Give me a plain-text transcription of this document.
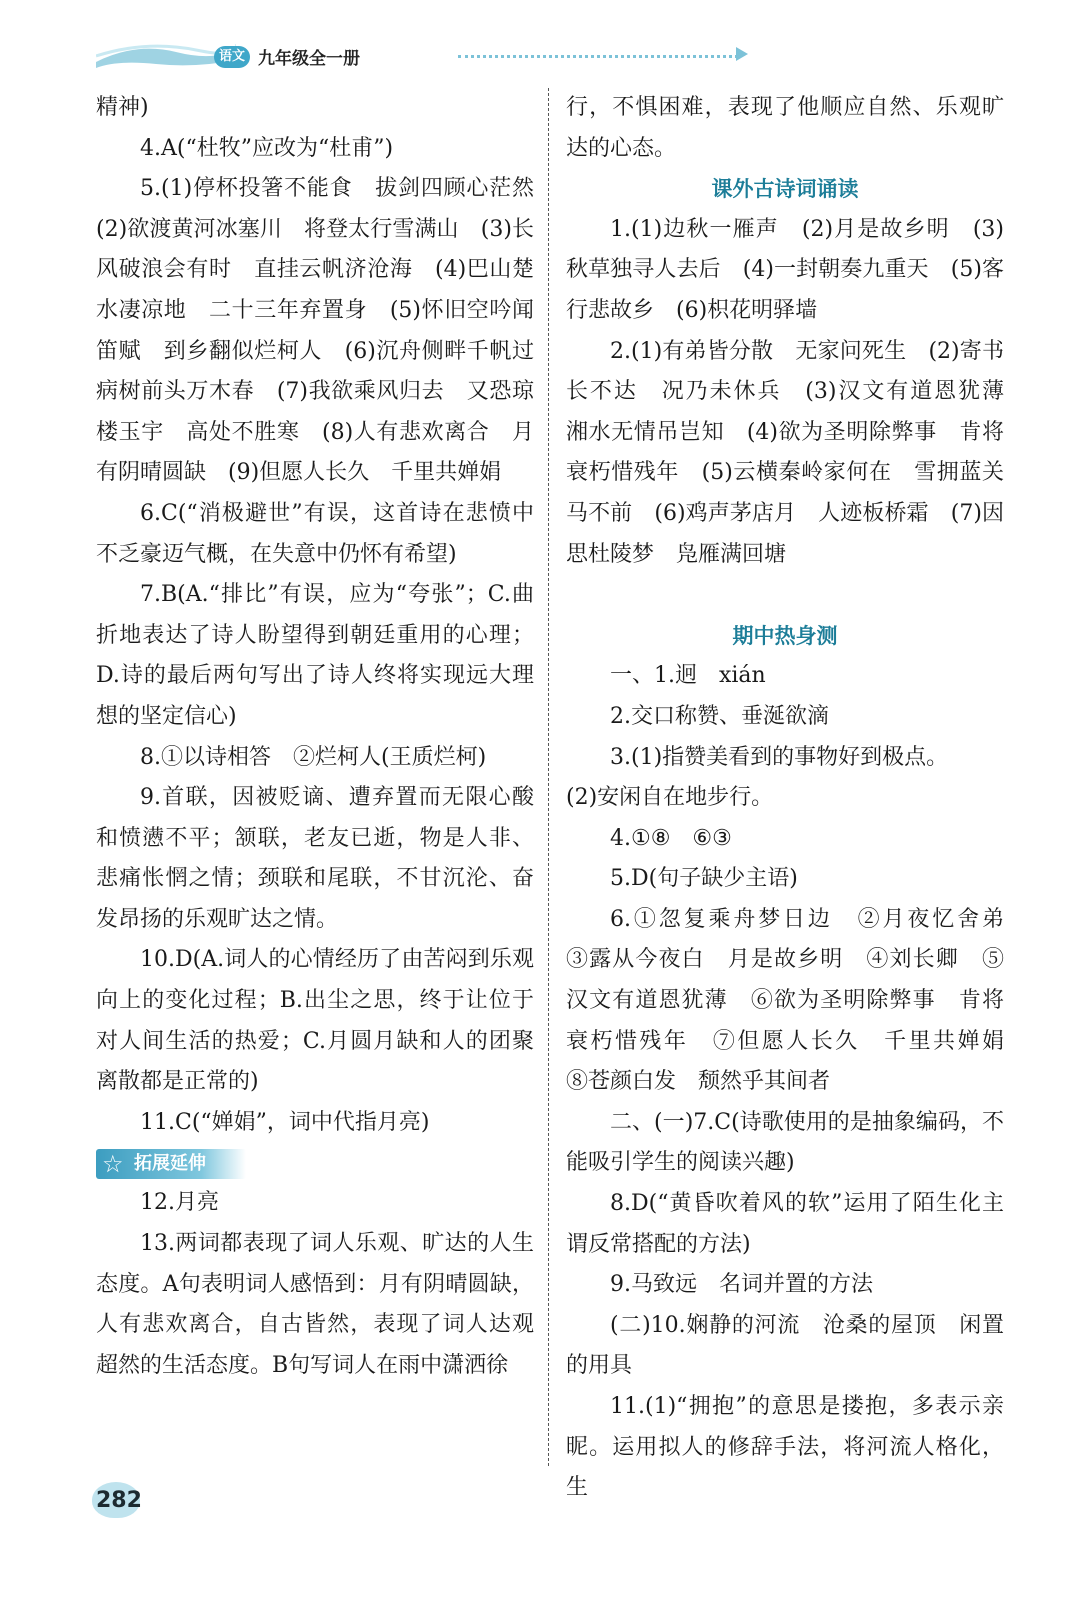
语文 九年级全一册

精神)

4.A(“杜牧”应改为“杜甫”)

5.(1)停杯投箸不能食　拔剑四顾心茫然　(2)欲渡黄河冰塞川　将登太行雪满山　(3)长风破浪会有时　直挂云帆济沧海　(4)巴山楚水凄凉地　二十三年弃置身　(5)怀旧空吟闻笛赋　到乡翻似烂柯人　(6)沉舟侧畔千帆过　病树前头万木春　(7)我欲乘风归去　又恐琼楼玉宇　高处不胜寒　(8)人有悲欢离合　月有阴晴圆缺　(9)但愿人长久　千里共婵娟

6.C(“消极避世”有误，这首诗在悲愤中不乏豪迈气概，在失意中仍怀有希望)

7.B(A.“排比”有误，应为“夸张”；C.曲折地表达了诗人盼望得到朝廷重用的心理；D.诗的最后两句写出了诗人终将实现远大理想的坚定信心)

8.①以诗相答　②烂柯人(王质烂柯)

9.首联，因被贬谪、遭弃置而无限心酸和愤懑不平；颔联，老友已逝，物是人非、悲痛怅惘之情；颈联和尾联，不甘沉沦、奋发昂扬的乐观旷达之情。

10.D(A.词人的心情经历了由苦闷到乐观向上的变化过程；B.出尘之思，终于让位于对人间生活的热爱；C.月圆月缺和人的团聚离散都是正常的)

11.C(“婵娟”，词中代指月亮)

☆ 拓展延伸

12.月亮

13.两词都表现了词人乐观、旷达的人生态度。A句表明词人感悟到：月有阴晴圆缺，人有悲欢离合，自古皆然，表现了词人达观超然的生活态度。B句写词人在雨中潇洒徐

行，不惧困难，表现了他顺应自然、乐观旷达的心态。

课外古诗词诵读

1.(1)边秋一雁声　(2)月是故乡明　(3)秋草独寻人去后　(4)一封朝奏九重天　(5)客行悲故乡　(6)枳花明驿墙

2.(1)有弟皆分散　无家问死生　(2)寄书长不达　况乃未休兵　(3)汉文有道恩犹薄　湘水无情吊岂知　(4)欲为圣明除弊事　肯将衰朽惜残年　(5)云横秦岭家何在　雪拥蓝关马不前　(6)鸡声茅店月　人迹板桥霜　(7)因思杜陵梦　凫雁满回塘

期中热身测

一、1.迥　xián

2.交口称赞、垂涎欲滴

3.(1)指赞美看到的事物好到极点。

(2)安闲自在地步行。

4.①⑧　⑥③

5.D(句子缺少主语)

6.①忽复乘舟梦日边　②月夜忆舍弟　③露从今夜白　月是故乡明　④刘长卿　⑤汉文有道恩犹薄　⑥欲为圣明除弊事　肯将衰朽惜残年　⑦但愿人长久　千里共婵娟　⑧苍颜白发　颓然乎其间者

二、(一)7.C(诗歌使用的是抽象编码，不能吸引学生的阅读兴趣)

8.D(“黄昏吹着风的软”运用了陌生化主谓反常搭配的方法)

9.马致远　名词并置的方法

(二)10.娴静的河流　沧桑的屋顶　闲置的用具

11.(1)“拥抱”的意思是搂抱，多表示亲昵。运用拟人的修辞手法，将河流人格化，生

282
